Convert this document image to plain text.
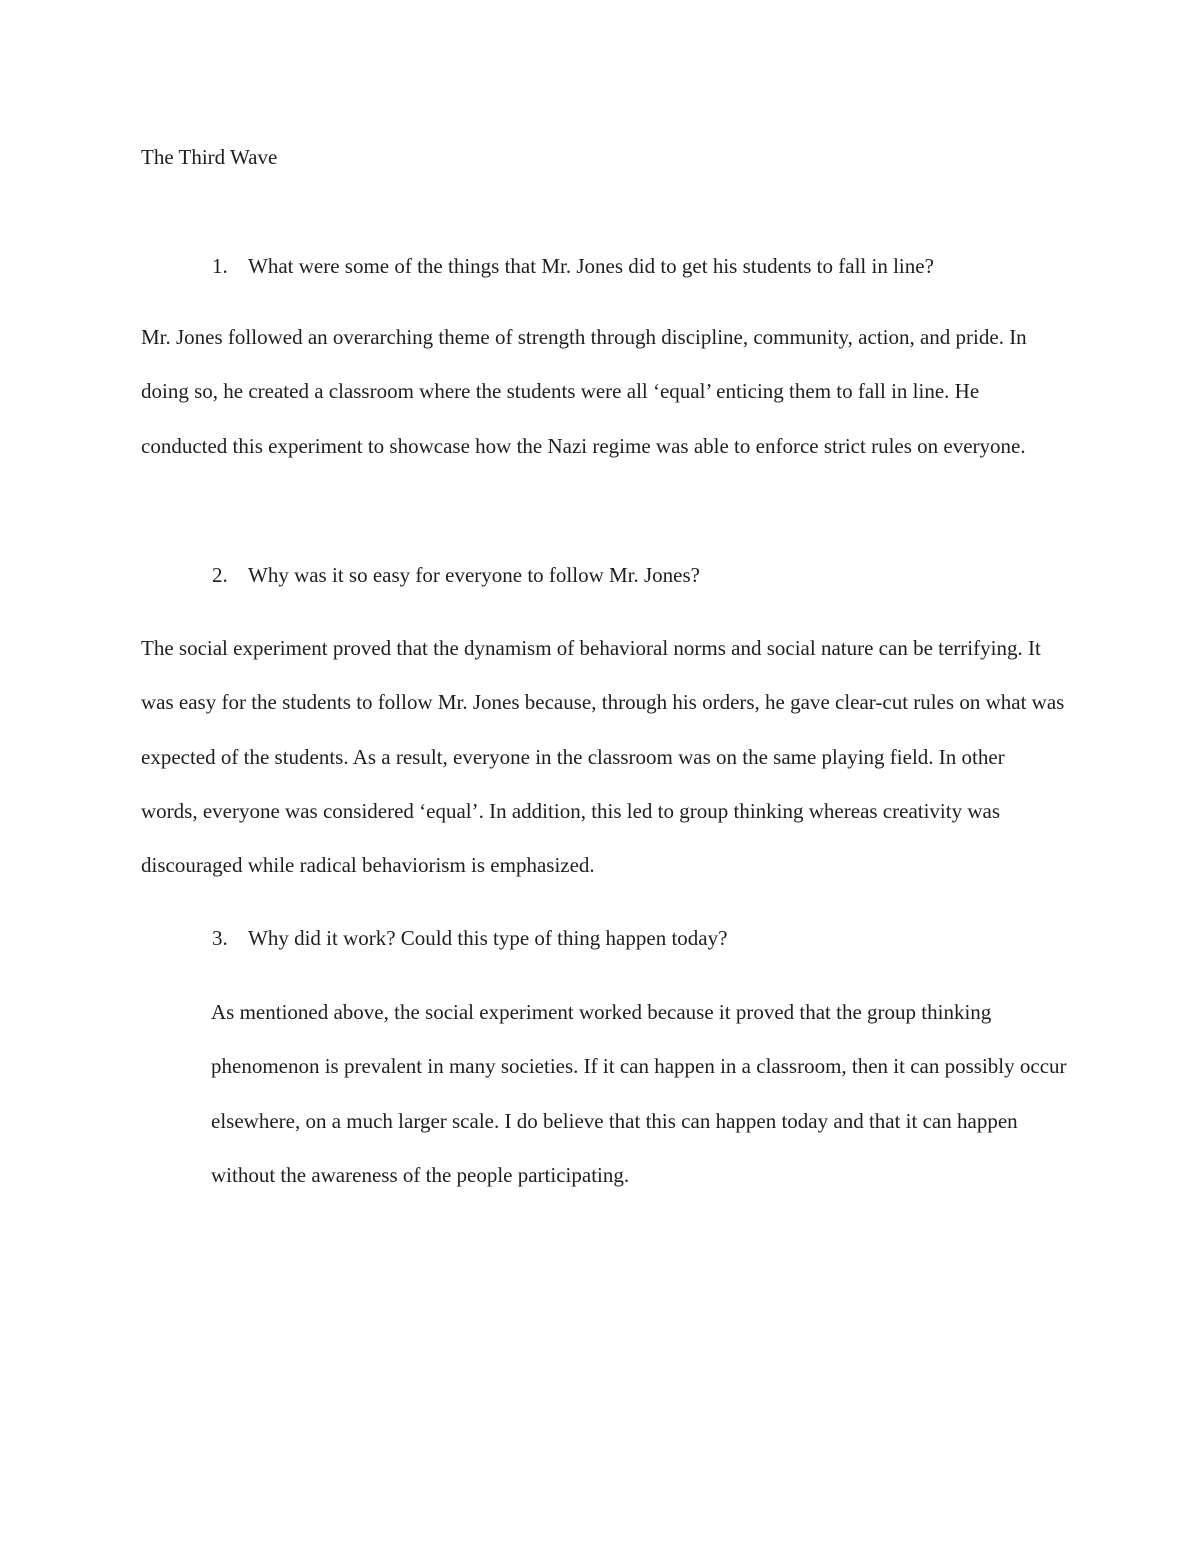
The Third Wave
1. What were some of the things that Mr. Jones did to get his students to fall in line?
Mr. Jones followed an overarching theme of strength through discipline, community, action, and pride. In doing so, he created a classroom where the students were all ‘equal’ enticing them to fall in line. He conducted this experiment to showcase how the Nazi regime was able to enforce strict rules on everyone.
2. Why was it so easy for everyone to follow Mr. Jones?
The social experiment proved that the dynamism of behavioral norms and social nature can be terrifying. It was easy for the students to follow Mr. Jones because, through his orders, he gave clear-cut rules on what was expected of the students. As a result, everyone in the classroom was on the same playing field. In other words, everyone was considered ‘equal’. In addition, this led to group thinking whereas creativity was discouraged while radical behaviorism is emphasized.
3. Why did it work? Could this type of thing happen today?
As mentioned above, the social experiment worked because it proved that the group thinking phenomenon is prevalent in many societies. If it can happen in a classroom, then it can possibly occur elsewhere, on a much larger scale. I do believe that this can happen today and that it can happen without the awareness of the people participating.
